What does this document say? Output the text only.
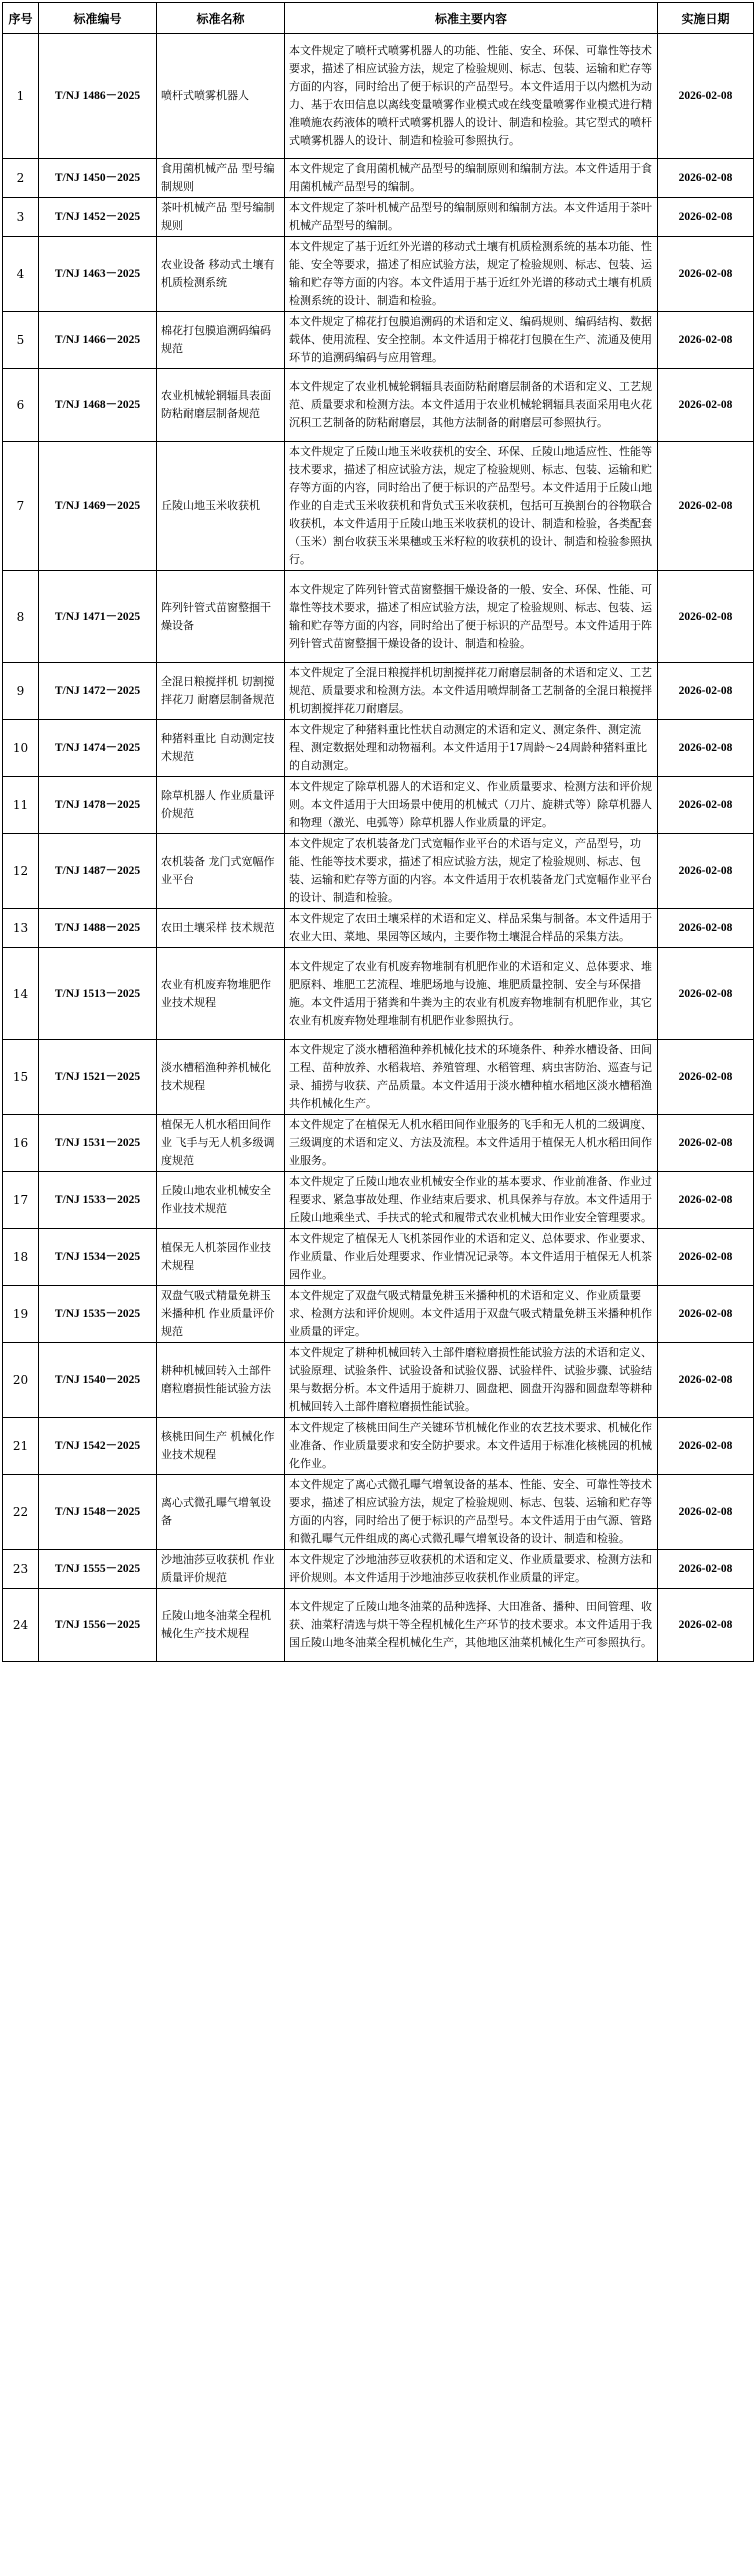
序号	标准编号	标准名称	标准主要内容	实施日期
1	T/NJ 1486－2025	喷杆式喷雾机器人	本文件规定了喷杆式喷雾机器人的功能、性能、安全、环保、可靠性等技术要求，描述了相应试验方法，规定了检验规则、标志、包装、运输和贮存等方面的内容，同时给出了便于标识的产品型号。本文件适用于以内燃机为动力、基于农田信息以离线变量喷雾作业模式或在线变量喷雾作业模式进行精准喷施农药液体的喷杆式喷雾机器人的设计、制造和检验。其它型式的喷杆式喷雾机器人的设计、制造和检验可参照执行。	2026-02-08
2	T/NJ 1450－2025	食用菌机械产品 型号编制规则	本文件规定了食用菌机械产品型号的编制原则和编制方法。本文件适用于食用菌机械产品型号的编制。	2026-02-08
3	T/NJ 1452－2025	茶叶机械产品 型号编制规则	本文件规定了茶叶机械产品型号的编制原则和编制方法。本文件适用于茶叶机械产品型号的编制。	2026-02-08
4	T/NJ 1463－2025	农业设备 移动式土壤有机质检测系统	本文件规定了基于近红外光谱的移动式土壤有机质检测系统的基本功能、性能、安全等要求，描述了相应试验方法，规定了检验规则、标志、包装、运输和贮存等方面的内容。本文件适用于基于近红外光谱的移动式土壤有机质检测系统的设计、制造和检验。	2026-02-08
5	T/NJ 1466－2025	棉花打包膜追溯码编码规范	本文件规定了棉花打包膜追溯码的术语和定义、编码规则、编码结构、数据载体、使用流程、安全控制。本文件适用于棉花打包膜在生产、流通及使用环节的追溯码编码与应用管理。	2026-02-08
6	T/NJ 1468－2025	农业机械轮辋辐具表面防粘耐磨层制备规范	本文件规定了农业机械轮辋辐具表面防粘耐磨层制备的术语和定义、工艺规范、质量要求和检测方法。本文件适用于农业机械轮辋辐具表面采用电火花沉积工艺制备的防粘耐磨层，其他方法制备的耐磨层可参照执行。	2026-02-08
7	T/NJ 1469－2025	丘陵山地玉米收获机	本文件规定了丘陵山地玉米收获机的安全、环保、丘陵山地适应性、性能等技术要求，描述了相应试验方法，规定了检验规则、标志、包装、运输和贮存等方面的内容，同时给出了便于标识的产品型号。本文件适用于丘陵山地作业的自走式玉米收获机和背负式玉米收获机，包括可互换割台的谷物联合收获机，本文件适用于丘陵山地玉米收获机的设计、制造和检验，各类配套（玉米）割台收获玉米果穗或玉米籽粒的收获机的设计、制造和检验参照执行。	2026-02-08
8	T/NJ 1471－2025	阵列针管式苗窗整掴干燥设备	本文件规定了阵列针管式苗窗整掴干燥设备的一般、安全、环保、性能、可靠性等技术要求，描述了相应试验方法，规定了检验规则、标志、包装、运输和贮存等方面的内容，同时给出了便于标识的产品型号。本文件适用于阵列针管式苗窗整掴干燥设备的设计、制造和检验。	2026-02-08
9	T/NJ 1472－2025	全混日粮搅拌机 切割搅拌花刀 耐磨层制备规范	本文件规定了全混日粮搅拌机切割搅拌花刀耐磨层制备的术语和定义、工艺规范、质量要求和检测方法。本文件适用喷焊制备工艺制备的全混日粮搅拌机切割搅拌花刀耐磨层。	2026-02-08
10	T/NJ 1474－2025	种猪料重比 自动测定技术规范	本文件规定了种猪料重比性状自动测定的术语和定义、测定条件、测定流程、测定数据处理和动物福利。本文件适用于17周龄～24周龄种猪料重比的自动测定。	2026-02-08
11	T/NJ 1478－2025	除草机器人 作业质量评价规范	本文件规定了除草机器人的术语和定义、作业质量要求、检测方法和评价规则。本文件适用于大田场景中使用的机械式（刀片、旋耕式等）除草机器人和物理（激光、电弧等）除草机器人作业质量的评定。	2026-02-08
12	T/NJ 1487－2025	农机装备 龙门式宽幅作业平台	本文件规定了农机装备龙门式宽幅作业平台的术语与定义，产品型号，功能、性能等技术要求，描述了相应试验方法，规定了检验规则、标志、包装、运输和贮存等方面的内容。本文件适用于农机装备龙门式宽幅作业平台的设计、制造和检验。	2026-02-08
13	T/NJ 1488－2025	农田土壤采样 技术规范	本文件规定了农田土壤采样的术语和定义、样品采集与制备。本文件适用于农业大田、菜地、果园等区域内，主要作物土壤混合样品的采集方法。	2026-02-08
14	T/NJ 1513－2025	农业有机废弃物堆肥作业技术规程	本文件规定了农业有机废弃物堆制有机肥作业的术语和定义、总体要求、堆肥原料、堆肥工艺流程、堆肥场地与设施、堆肥质量控制、安全与环保措施。本文件适用于猪粪和牛粪为主的农业有机废弃物堆制有机肥作业，其它农业有机废弃物处理堆制有机肥作业参照执行。	2026-02-08
15	T/NJ 1521－2025	淡水槽稻渔种养机械化技术规程	本文件规定了淡水槽稻渔种养机械化技术的环境条件、种养水槽设备、田间工程、苗种放养、水稻栽培、养殖管理、水稻管理、病虫害防治、巡查与记录、捕捞与收获、产品质量。本文件适用于淡水槽种植水稻地区淡水槽稻渔共作机械化生产。	2026-02-08
16	T/NJ 1531－2025	植保无人机水稻田间作业 飞手与无人机多级调度规范	本文件规定了在植保无人机水稻田间作业服务的飞手和无人机的二级调度、三级调度的术语和定义、方法及流程。本文件适用于植保无人机水稻田间作业服务。	2026-02-08
17	T/NJ 1533－2025	丘陵山地农业机械安全作业技术规范	本文件规定了丘陵山地农业机械安全作业的基本要求、作业前准备、作业过程要求、紧急事故处理、作业结束后要求、机具保养与存放。本文件适用于丘陵山地乘坐式、手扶式的轮式和履带式农业机械大田作业安全管理要求。	2026-02-08
18	T/NJ 1534－2025	植保无人机茶园作业技术规程	本文件规定了植保无人飞机茶园作业的术语和定义、总体要求、作业要求、作业质量、作业后处理要求、作业情况记录等。本文件适用于植保无人机茶园作业。	2026-02-08
19	T/NJ 1535－2025	双盘气吸式精量免耕玉米播种机 作业质量评价规范	本文件规定了双盘气吸式精量免耕玉米播种机的术语和定义、作业质量要求、检测方法和评价规则。本文件适用于双盘气吸式精量免耕玉米播种机作业质量的评定。	2026-02-08
20	T/NJ 1540－2025	耕种机械回转入土部件 磨粒磨损性能试验方法	本文件规定了耕种机械回转入土部件磨粒磨损性能试验方法的术语和定义、试验原理、试验条件、试验设备和试验仪器、试验样件、试验步骤、试验结果与数据分析。本文件适用于旋耕刀、圆盘耙、圆盘开沟器和圆盘犁等耕种机械回转入土部件磨粒磨损性能试验。	2026-02-08
21	T/NJ 1542－2025	核桃田间生产 机械化作业技术规程	本文件规定了核桃田间生产关键环节机械化作业的农艺技术要求、机械化作业准备、作业质量要求和安全防护要求。本文件适用于标准化核桃园的机械化作业。	2026-02-08
22	T/NJ 1548－2025	离心式微孔曝气增氧设备	本文件规定了离心式微孔曝气增氧设备的基本、性能、安全、可靠性等技术要求，描述了相应试验方法，规定了检验规则、标志、包装、运输和贮存等方面的内容，同时给出了便于标识的产品型号。本文件适用于由气源、管路和微孔曝气元件组成的离心式微孔曝气增氧设备的设计、制造和检验。	2026-02-08
23	T/NJ 1555－2025	沙地油莎豆收获机 作业质量评价规范	本文件规定了沙地油莎豆收获机的术语和定义、作业质量要求、检测方法和评价规则。本文件适用于沙地油莎豆收获机作业质量的评定。	2026-02-08
24	T/NJ 1556－2025	丘陵山地冬油菜全程机械化生产技术规程	本文件规定了丘陵山地冬油菜的品种选择、大田准备、播种、田间管理、收获、油菜籽清选与烘干等全程机械化生产环节的技术要求。本文件适用于我国丘陵山地冬油菜全程机械化生产，其他地区油菜机械化生产可参照执行。	2026-02-08
